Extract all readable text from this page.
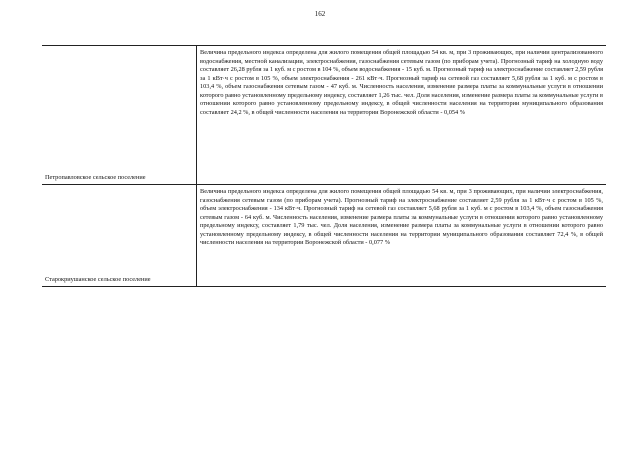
162
Петропавловское сельское поселение
Величина предельного индекса определена для жилого помещения общей площадью 54 кв. м, при 3 проживающих, при наличии централизованного водоснабжения, местной канализации, электроснабжения, газоснабжения сетевым газом (по приборам учета). Прогнозный тариф на холодную воду составляет 26,28 рубля за 1 куб. м с ростом в 104 %, объем водоснабжения - 15 куб. м. Прогнозный тариф на электроснабжение составляет 2,59 рубля за 1 кВт·ч с ростом в 105 %, объем электроснабжения - 261 кВт·ч. Прогнозный тариф на сетевой газ составляет 5,68 рубля за 1 куб. м с ростом в 103,4 %, объем газоснабжения сетевым газом - 47 куб. м. Численность населения, изменение размера платы за коммунальные услуги в отношении которого равно установленному предельному индексу, составляет 1,26 тыс. чел. Доля населения, изменение размера платы за коммунальные услуги в отношении которого равно установленному предельному индексу, в общей численности населения на территории муниципального образования составляет 24,2 %, в общей численности населения на территории Воронежской области - 0,054 %
Старокриушанское сельское поселение
Величина предельного индекса определена для жилого помещения общей площадью 54 кв. м, при 3 проживающих, при наличии электроснабжения, газоснабжения сетевым газом (по приборам учета). Прогнозный тариф на электроснабжение составляет 2,59 рубля за 1 кВт·ч с ростом в 105 %, объем электроснабжения - 134 кВт·ч. Прогнозный тариф на сетевой газ составляет 5,68 рубля за 1 куб. м с ростом в 103,4 %, объем газоснабжения сетевым газом - 64 куб. м. Численность населения, изменение размера платы за коммунальные услуги в отношении которого равно установленному предельному индексу, составляет 1,79 тыс. чел. Доля населения, изменение размера платы за коммунальные услуги в отношении которого равно установленному предельному индексу, в общей численности населения на территории муниципального образования составляет 72,4 %, в общей численности населения на территории Воронежской области - 0,077 %
